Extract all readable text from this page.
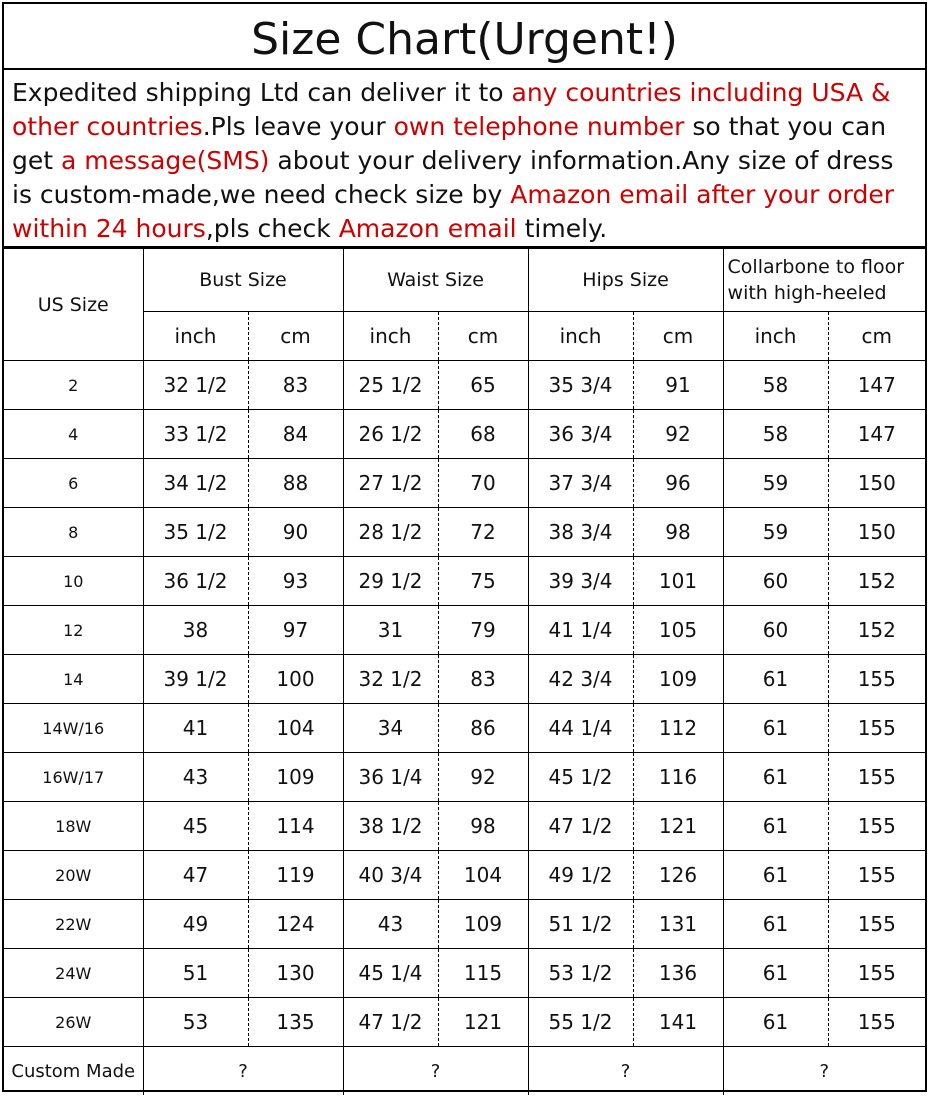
Size Chart(Urgent!)
Expedited shipping Ltd can deliver it to any countries including USA & other countries.Pls leave your own telephone number so that you can get a message(SMS) about your delivery information.Any size of dress is custom-made,we need check size by Amazon email after your order within 24 hours,pls check Amazon email timely.
US Size	Bust Size		Waist Size		Hips Size		Collarbone to floor with high-heeled	
	inch	cm	inch	cm	inch	cm	inch	cm
2	32 1/2	83	25 1/2	65	35 3/4	91	58	147
4	33 1/2	84	26 1/2	68	36 3/4	92	58	147
6	34 1/2	88	27 1/2	70	37 3/4	96	59	150
8	35 1/2	90	28 1/2	72	38 3/4	98	59	150
10	36 1/2	93	29 1/2	75	39 3/4	101	60	152
12	38	97	31	79	41 1/4	105	60	152
14	39 1/2	100	32 1/2	83	42 3/4	109	61	155
14W/16	41	104	34	86	44 1/4	112	61	155
16W/17	43	109	36 1/4	92	45 1/2	116	61	155
18W	45	114	38 1/2	98	47 1/2	121	61	155
20W	47	119	40 3/4	104	49 1/2	126	61	155
22W	49	124	43	109	51 1/2	131	61	155
24W	51	130	45 1/4	115	53 1/2	136	61	155
26W	53	135	47 1/2	121	55 1/2	141	61	155
Custom Made	?		?		?		?	
